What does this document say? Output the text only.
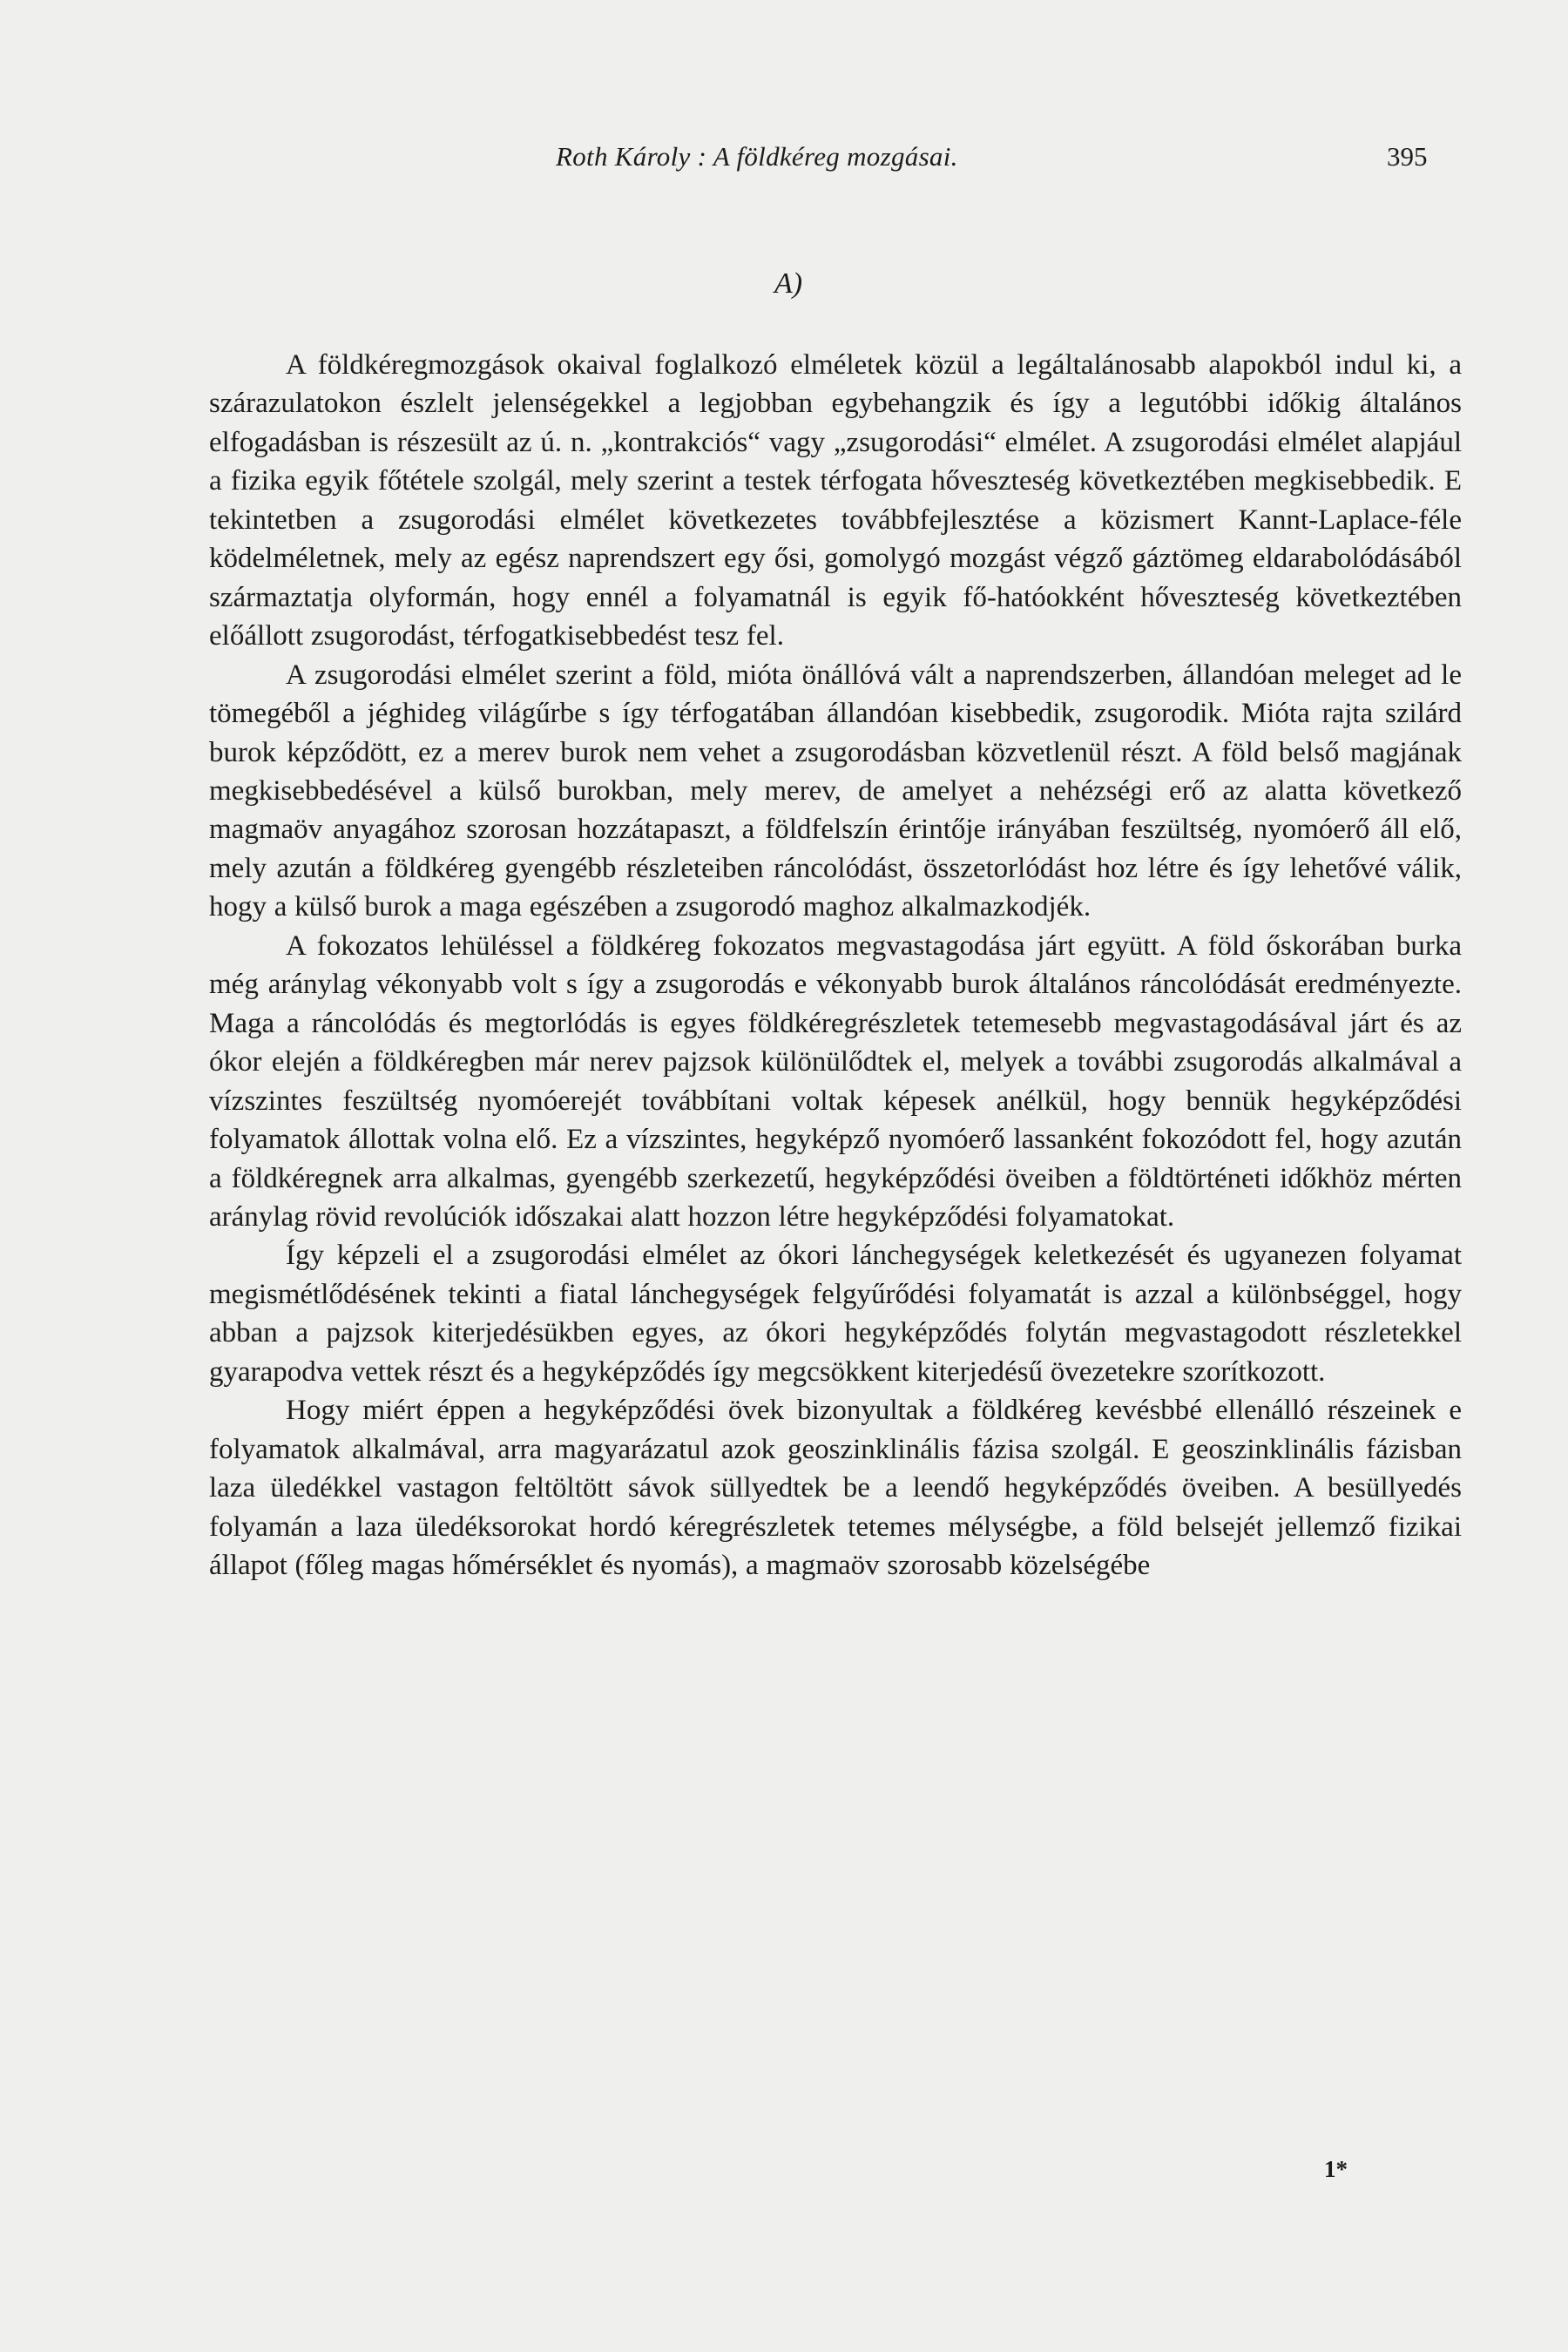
Roth Károly : A földkéreg mozgásai.	395
A)

A földkéregmozgások okaival foglalkozó elméletek közül a legáltalánosabb alapokból indul ki, a szárazulatokon észlelt jelenségekkel a legjobban egybehangzik és így a legutóbbi időkig általános elfogadásban is részesült az ú. n. „kontrakciós“ vagy „zsugorodási“ elmélet. A zsugorodási elmélet alapjául a fizika egyik főtétele szolgál, mely szerint a testek térfogata hőveszteség következtében megkisebbedik. E tekintetben a zsugorodási elmélet következetes továbbfejlesztése a közismert Kannt-Laplace-féle ködelméletnek, mely az egész naprendszert egy ősi, gomolygó mozgást végző gáztömeg eldarabolódásából származtatja olyformán, hogy ennél a folyamatnál is egyik fő-hatóokként hőveszteség következtében előállott zsugorodást, térfogatkisebbedést tesz fel.

A zsugorodási elmélet szerint a föld, mióta önállóvá vált a naprendszerben, állandóan meleget ad le tömegéből a jéghideg világűrbe s így térfogatában állandóan kisebbedik, zsugorodik. Mióta rajta szilárd burok képződött, ez a merev burok nem vehet a zsugorodásban közvetlenül részt. A föld belső magjának megkisebbedésével a külső burokban, mely merev, de amelyet a nehézségi erő az alatta következő magmaöv anyagához szorosan hozzátapaszt, a földfelszín érintője irányában feszültség, nyomóerő áll elő, mely azután a földkéreg gyengébb részleteiben ráncolódást, összetorlódást hoz létre és így lehetővé válik, hogy a külső burok a maga egészében a zsugorodó maghoz alkalmazkodjék.

A fokozatos lehüléssel a földkéreg fokozatos megvastagodása járt együtt. A föld őskorában burka még aránylag vékonyabb volt s így a zsugorodás e vékonyabb burok általános ráncolódását eredményezte. Maga a ráncolódás és megtorlódás is egyes földkéregrészletek tetemesebb megvastagodásával járt és az ókor elején a földkéregben már nerev pajzsok különülődtek el, melyek a további zsugorodás alkalmával a vízszintes feszültség nyomóerejét továbbítani voltak képesek anélkül, hogy bennük hegyképződési folyamatok állottak volna elő. Ez a vízszintes, hegyképző nyomóerő lassanként fokozódott fel, hogy azután a földkéregnek arra alkalmas, gyengébb szerkezetű, hegyképződési öveiben a földtörténeti időkhöz mérten aránylag rövid revolúciók időszakai alatt hozzon létre hegyképződési folyamatokat.

Így képzeli el a zsugorodási elmélet az ókori lánchegységek keletkezését és ugyanezen folyamat megismétlődésének tekinti a fiatal lánchegységek felgyűrődési folyamatát is azzal a különbséggel, hogy abban a pajzsok kiterjedésükben egyes, az ókori hegyképződés folytán megvastagodott részletekkel gyarapodva vettek részt és a hegyképződés így megcsökkent kiterjedésű övezetekre szorítkozott.

Hogy miért éppen a hegyképződési övek bizonyultak a földkéreg kevésbbé ellenálló részeinek e folyamatok alkalmával, arra magyarázatul azok geoszinklinális fázisa szolgál. E geoszinklinális fázisban laza üledékkel vastagon feltöltött sávok süllyedtek be a leendő hegyképződés öveiben. A besüllyedés folyamán a laza üledéksorokat hordó kéregrészletek tetemes mélységbe, a föld belsejét jellemző fizikai állapot (főleg magas hőmérséklet és nyomás), a magmaöv szorosabb közelségébe

1*
